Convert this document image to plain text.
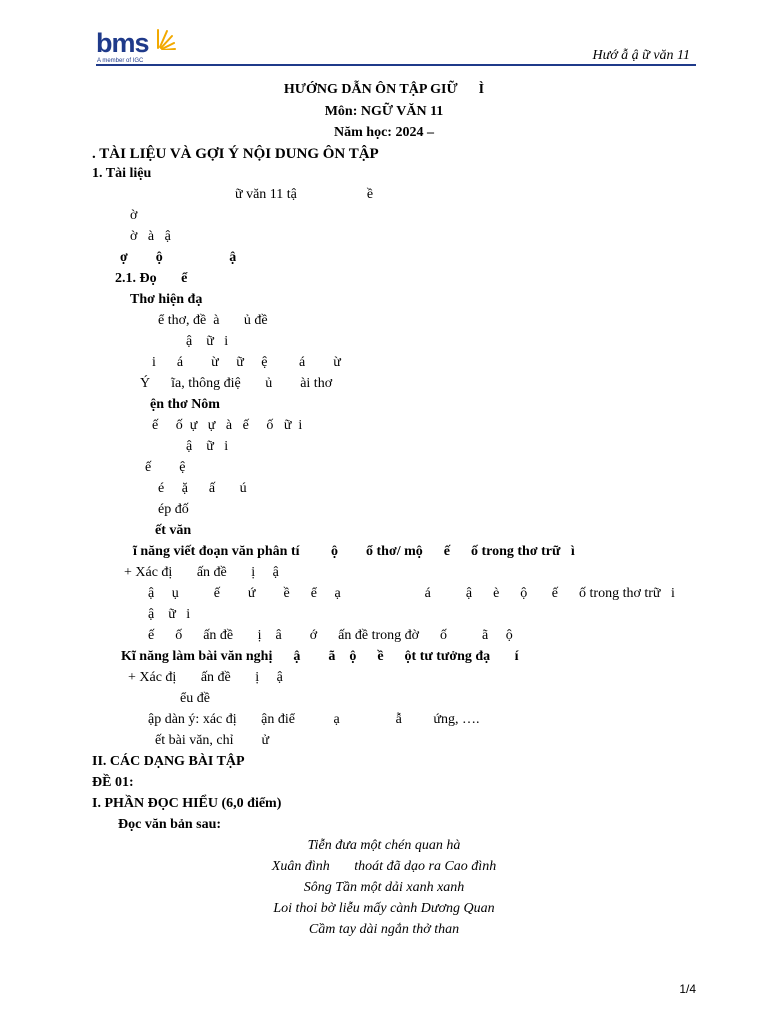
bms
A member of IGC	Hướ ẫ ậ ữ văn 11
HƯỚNG DẪN ÔN TẬP GIỮ      Ì
Môn: NGỮ VĂN 11
Năm học: 2024 –
. TÀI LIỆU VÀ GỢI Ý NỘI DUNG ÔN TẬP
1. Tài liệu
ữ văn 11 tậ                    ề
ờ
ờ   à   ậ
ợ        ộ                   ậ
2.1. Đọ       ể
Thơ hiện đạ
ể thơ, đề  à       ủ đề
ậ    ữ   i
i      á        ừ     ữ     ệ         á        ừ
Ý      ĩa, thông điệ       ủ        ài thơ
ện thơ Nôm
ế     ố  ự   ự   à   ế     ố   ữ  i
ậ    ữ   i
ế        ệ
é     ặ      ấ       ú
ép đố
ết văn
ĩ năng viết đoạn văn phân tí         ộ        ổ thơ/ mộ      ế      ố trong thơ trữ   ì
+ Xác đị       ấn đề       ị     ậ
ậ     ụ          ế        ứ        ề      ể     ạ                        á          ậ      è      ộ       ế      ố trong thơ trữ   i
ậ    ữ   i
ế      ố      ấn đề       ị    â        ớ      ấn đề trong đờ      ố          ã     ộ
Kĩ năng làm bài văn nghị      ậ        ã    ộ      ề      ột tư tưởng đạ       í
+ Xác đị       ấn đề       ị     ậ
ểu đề
ập dàn ý: xác đị       ận điể           ạ                ẫ         ứng, ….
ết bài văn, chỉ        ử
II. CÁC DẠNG BÀI TẬP
ĐỀ 01:
I. PHẦN ĐỌC HIỂU (6,0 điểm)
Đọc văn bản sau:
Tiễn đưa một chén quan hà
Xuân đình       thoát đã dạo ra Cao đình
Sông Tần một dải xanh xanh
Loi thoi bờ liễu mấy cành Dương Quan
Cầm tay dài ngắn thở than
1/4
